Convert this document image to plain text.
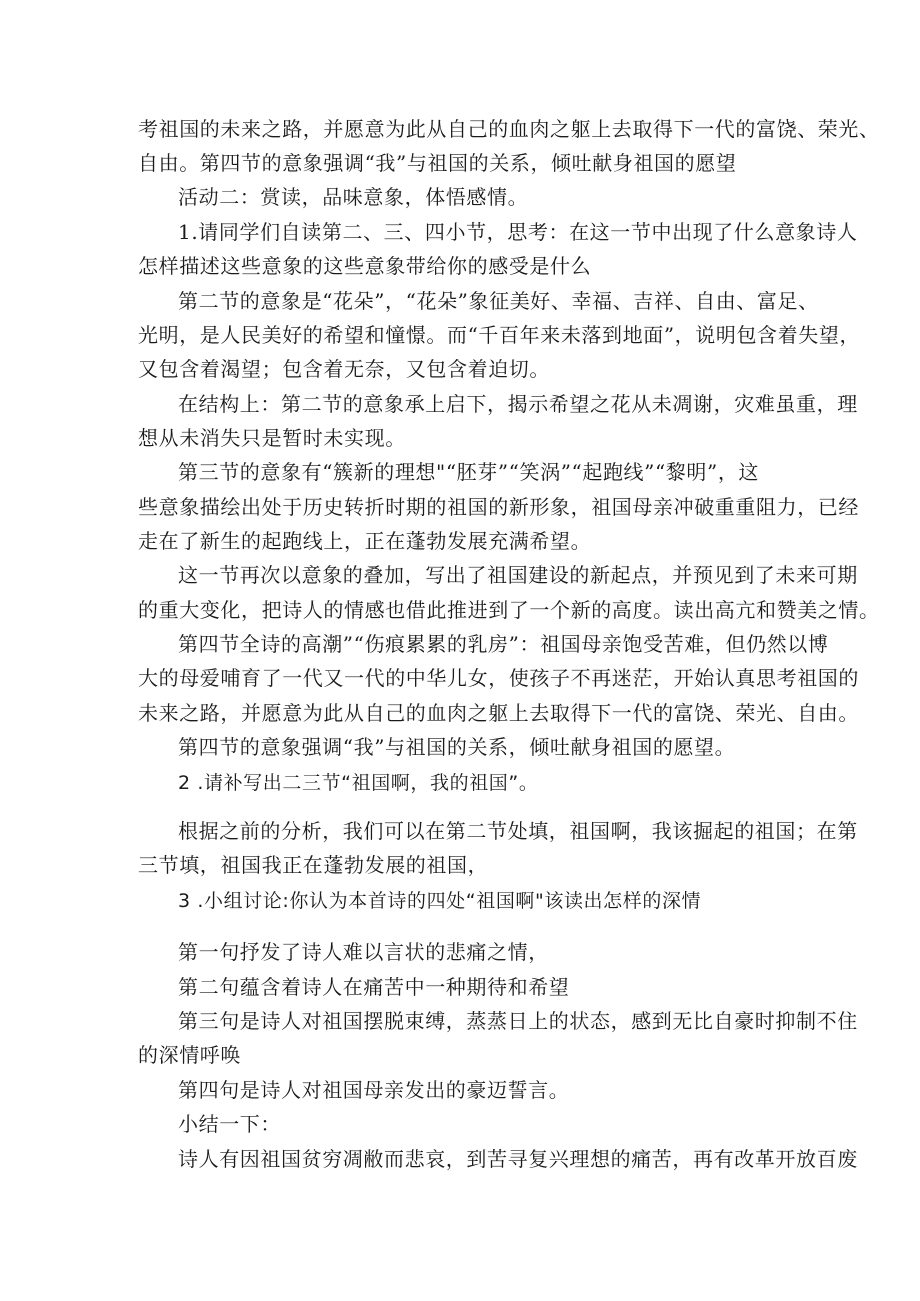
考祖国的未来之路，并愿意为此从自己的血肉之躯上去取得下一代的富饶、荣光、
自由。第四节的意象强调“我”与祖国的关系，倾吐献身祖国的愿望
活动二：赏读，品味意象，体悟感情。
1.请同学们自读第二、三、四小节，思考：在这一节中出现了什么意象诗人
怎样描述这些意象的这些意象带给你的感受是什么
第二节的意象是“花朵”，“花朵”象征美好、幸福、吉祥、自由、富足、
光明，是人民美好的希望和憧憬。而“千百年来未落到地面”，说明包含着失望，
又包含着渴望；包含着无奈，又包含着迫切。
在结构上：第二节的意象承上启下，揭示希望之花从未凋谢，灾难虽重，理
想从未消失只是暂时未实现。
第三节的意象有“簇新的理想"“胚芽”“笑涡”“起跑线”“黎明”，这
些意象描绘出处于历史转折时期的祖国的新形象，祖国母亲冲破重重阻力，已经
走在了新生的起跑线上，正在蓬勃发展充满希望。
这一节再次以意象的叠加，写出了祖国建设的新起点，并预见到了未来可期
的重大变化，把诗人的情感也借此推进到了一个新的高度。读出高亢和赞美之情。
第四节全诗的高潮”“伤痕累累的乳房”：祖国母亲饱受苦难，但仍然以博
大的母爱哺育了一代又一代的中华儿女，使孩子不再迷茫，开始认真思考祖国的
未来之路，并愿意为此从自己的血肉之躯上去取得下一代的富饶、荣光、自由。
第四节的意象强调“我”与祖国的关系，倾吐献身祖国的愿望。
2 .请补写出二三节“祖国啊，我的祖国”。
根据之前的分析，我们可以在第二节处填，祖国啊，我该掘起的祖国；在第
三节填，祖国我正在蓬勃发展的祖国，
3 .小组讨论:你认为本首诗的四处“祖国啊"该读出怎样的深情
第一句抒发了诗人难以言状的悲痛之情，
第二句蕴含着诗人在痛苦中一种期待和希望
第三句是诗人对祖国摆脱束缚，蒸蒸日上的状态，感到无比自豪时抑制不住
的深情呼唤
第四句是诗人对祖国母亲发出的豪迈誓言。
小结一下：
诗人有因祖国贫穷凋敝而悲哀，到苦寻复兴理想的痛苦，再有改革开放百废
